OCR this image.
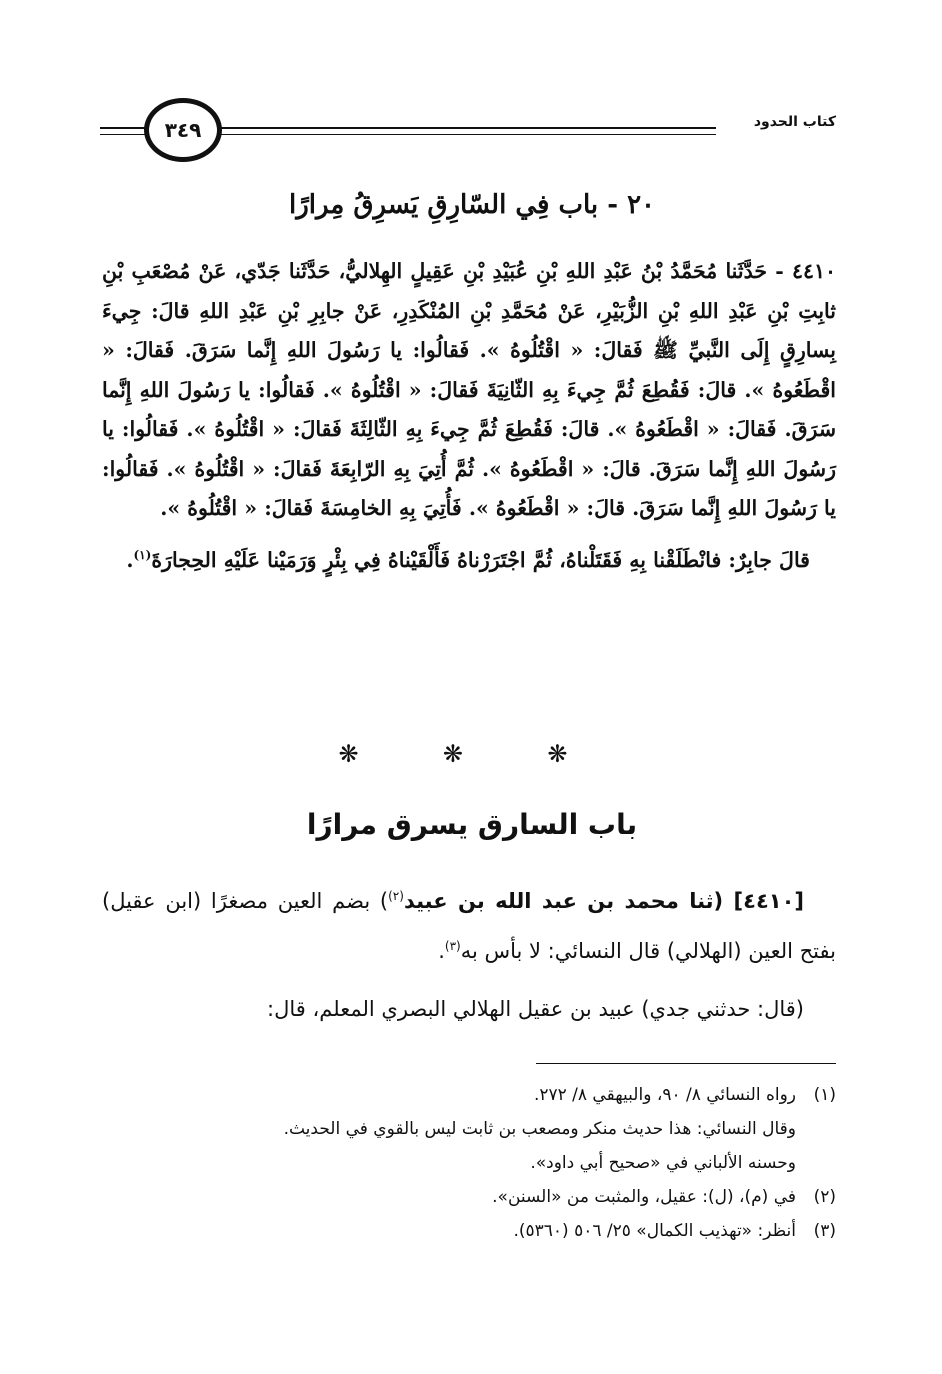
كتاب الحدود
٣٤٩
٢٠ - باب فِي السّارِقِ يَسرِقُ مِرارًا

٤٤١٠ - حَدَّثَنا مُحَمَّدُ بْنُ عَبْدِ اللهِ بْنِ عُبَيْدِ بْنِ عَقِيلٍ الهِلاليُّ، حَدَّثَنا جَدّي، عَنْ مُصْعَبِ بْنِ ثابِتِ بْنِ عَبْدِ اللهِ بْنِ الزُّبَيْرِ، عَنْ مُحَمَّدِ بْنِ المُنْكَدِرِ، عَنْ جابِرِ بْنِ عَبْدِ اللهِ قالَ: جِيءَ بِسارِقٍ إِلَى النَّبيِّ ﷺ فَقالَ: « اقْتُلُوهُ ». فَقالُوا: يا رَسُولَ اللهِ إِنَّما سَرَقَ. فَقالَ: « اقْطَعُوهُ ». قالَ: فَقُطِعَ ثُمَّ جِيءَ بِهِ الثّانِيَةَ فَقالَ: « اقْتُلُوهُ ». فَقالُوا: يا رَسُولَ اللهِ إِنَّما سَرَقَ. فَقالَ: « اقْطَعُوهُ ». قالَ: فَقُطِعَ ثُمَّ جِيءَ بِهِ الثّالِثَةَ فَقالَ: « اقْتُلُوهُ ». فَقالُوا: يا رَسُولَ اللهِ إِنَّما سَرَقَ. قالَ: « اقْطَعُوهُ ». ثُمَّ أُتِيَ بِهِ الرّابِعَةَ فَقالَ: « اقْتُلُوهُ ». فَقالُوا: يا رَسُولَ اللهِ إِنَّما سَرَقَ. قالَ: « اقْطَعُوهُ ». فَأُتِيَ بِهِ الخامِسَةَ فَقالَ: « اقْتُلُوهُ ».

قالَ جابِرٌ: فانْطَلَقْنا بِهِ فَقَتَلْناهُ، ثُمَّ اجْتَرَرْناهُ فَأَلْقَيْناهُ فِي بِئْرٍ وَرَمَيْنا عَلَيْهِ الحِجارَةَ$^{(١)}$.

❋ ❋ ❋
باب السارق يسرق مرارًا

[٤٤١٠] (ثنا محمد بن عبد الله بن عبيد$^{(٢)}$) بضم العين مصغرًا (ابن عقيل) بفتح العين (الهلالي) قال النسائي: لا بأس به$^{(٣)}$.

(قال: حدثني جدي) عبيد بن عقيل الهلالي البصري المعلم، قال:

(١)رواه النسائي ٨/ ٩٠، والبيهقي ٨/ ٢٧٢.
وقال النسائي: هذا حديث منكر ومصعب بن ثابت ليس بالقوي في الحديث.
وحسنه الألباني في «صحيح أبي داود».
(٢)في (م)، (ل): عقيل، والمثبت من «السنن».
(٣)أنظر: «تهذيب الكمال» ٢٥/ ٥٠٦ (٥٣٦٠).
